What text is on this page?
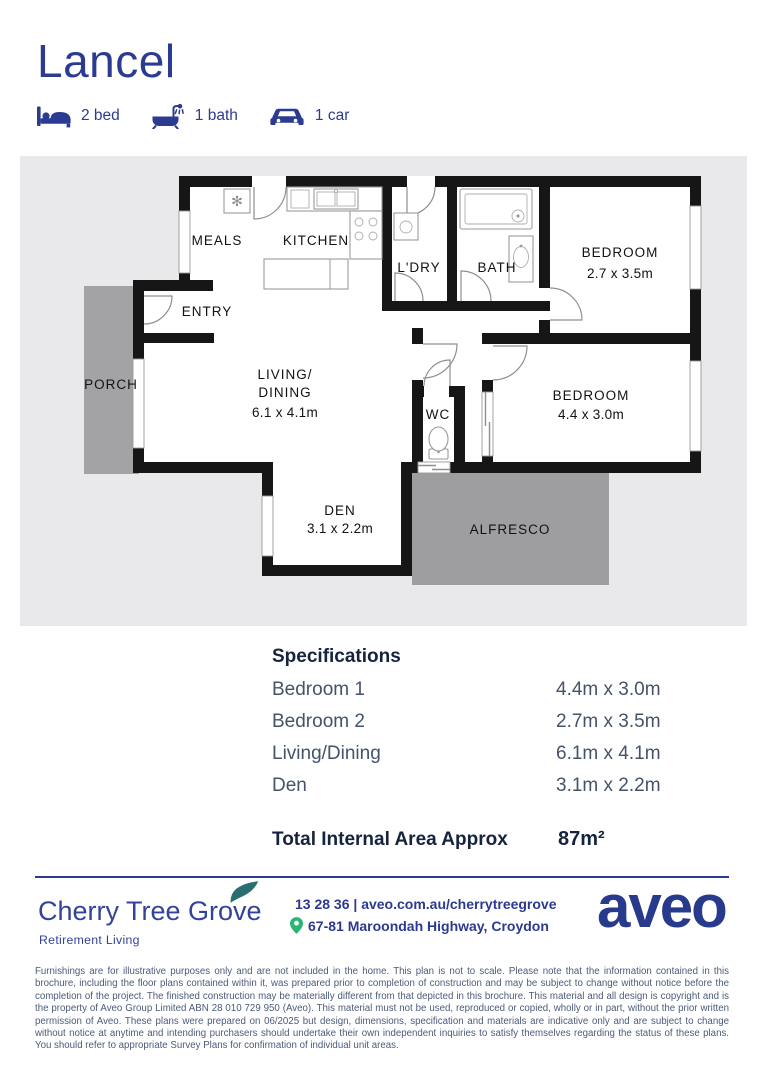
Lancel
2 bed	1 bath	1 car
✻
MEALS	KITCHEN
L'DRY	BATH
BEDROOM
2.7 x 3.5m
ENTRY
PORCH
LIVING/
DINING
6.1 x 4.1m	WC
BEDROOM
4.4 x 3.0m
DEN
3.1 x 2.2m	ALFRESCO
Specifications
Bedroom 1	4.4m x 3.0m
Bedroom 2	2.7m x 3.5m
Living/Dining	6.1m x 4.1m
Den	3.1m x 2.2m
Total Internal Area Approx	87m²
Cherry Tree Grove
Retirement Living
13 28 36 | aveo.com.au/cherrytreegrove
67-81 Maroondah Highway, Croydon aveo
Furnishings are for illustrative purposes only and are not included in the home. This plan is not to scale. Please note that the information contained in this brochure, including the floor plans contained within it, was prepared prior to completion of construction and may be subject to change without notice before the completion of the project. The finished construction may be materially different from that depicted in this brochure. This material and all design is copyright and is the property of Aveo Group Limited ABN 28 010 729 950 (Aveo). This material must not be used, reproduced or copied, wholly or in part, without the prior written permission of Aveo. These plans were prepared on 06/2025 but design, dimensions, specification and materials are indicative only and are subject to change without notice at anytime and intending purchasers should undertake their own independent inquiries to satisfy themselves regarding the status of these plans. You should refer to appropriate Survey Plans for confirmation of individual unit areas.
